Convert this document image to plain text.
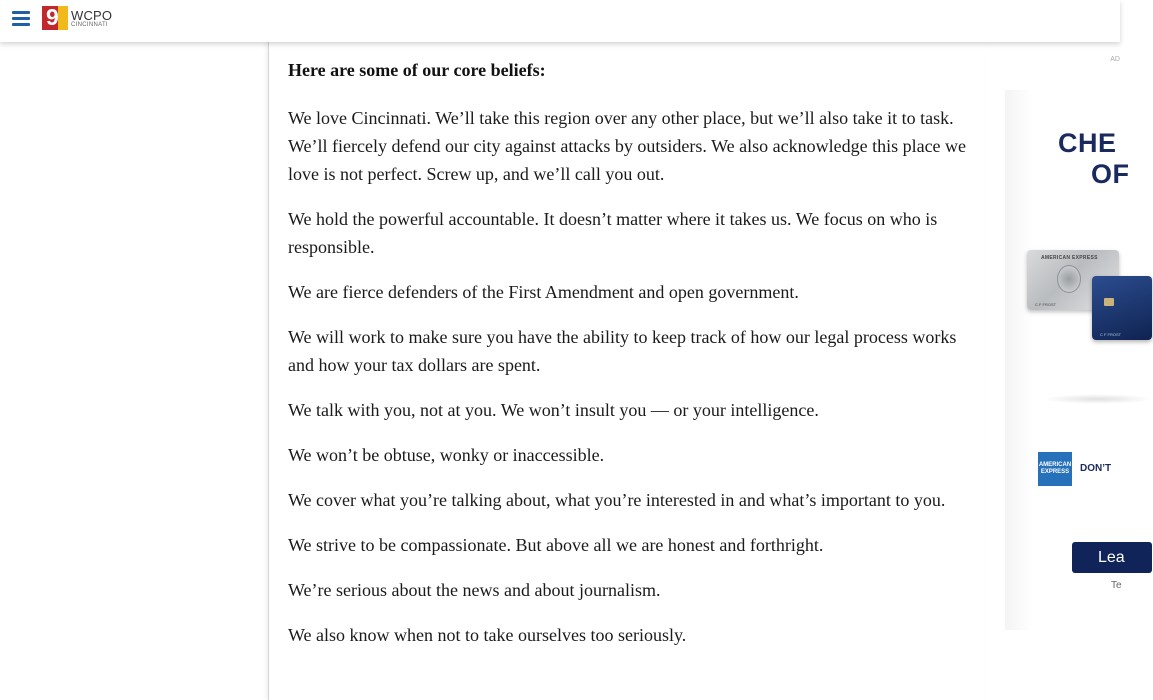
9 WCPO
CINCINNATI

Here are some of our core beliefs:

We love Cincinnati. We’ll take this region over any other place, but we’ll also take it to task. We’ll fiercely defend our city against attacks by outsiders. We also acknowledge this place we love is not perfect. Screw up, and we’ll call you out.

We hold the powerful accountable. It doesn’t matter where it takes us. We focus on who is responsible.

We are fierce defenders of the First Amendment and open government.

We will work to make sure you have the ability to keep track of how our legal process works and how your tax dollars are spent.

We talk with you, not at you. We won’t insult you — or your intelligence.

We won’t be obtuse, wonky or inaccessible.

We cover what you’re talking about, what you’re interested in and what’s important to you.

We strive to be compassionate. But above all we are honest and forthright.

We’re serious about the news and about journalism.

We also know when not to take ourselves too seriously.

AD
CHE
OF
AMERICAN EXPRESS
C F FROST
C F FROST
AMERICAN
EXPRESS DON’T
Lea
Te
